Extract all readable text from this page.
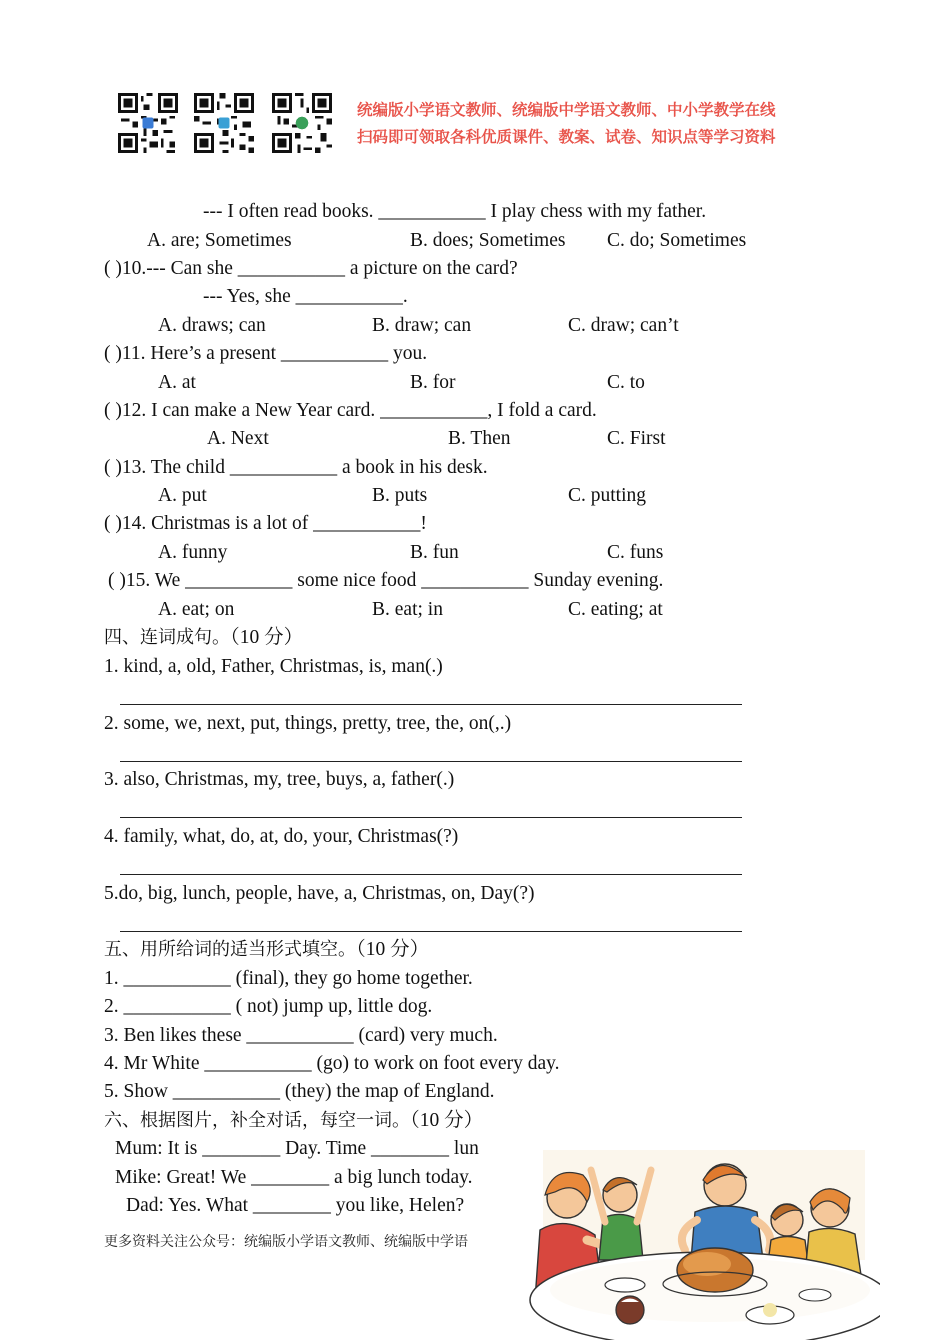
统编版小学语文教师、统编版中学语文教师、中小学教学在线
扫码即可领取各科优质课件、教案、试卷、知识点等学习资料
--- I often read books. ___________ I play chess with my father.
A. are; Sometimes	B. does; Sometimes C. do; Sometimes
( )10.--- Can she ___________ a picture on the card?
--- Yes, she ___________.
A. draws; can	B. draw; can	C. draw; can’t
( )11. Here’s a present ___________ you.
A. at	B. for	C. to
( )12. I can make a New Year card. ___________, I fold a card.
A. Next	B. Then	C. First
( )13. The child ___________ a book in his desk.
A. put	B. puts	C. putting
( )14. Christmas is a lot of ___________!
A. funny	B. fun	C. funs
( )15. We ___________ some nice food ___________ Sunday evening.
A. eat; on	B. eat; in	C. eating; at
四、连词成句。（10 分）
1. kind, a, old, Father, Christmas, is, man(.)
2. some, we, next, put, things, pretty, tree, the, on(,.)
3. also, Christmas, my, tree, buys, a, father(.)
4. family, what, do, at, do, your, Christmas(?)
5.do, big, lunch, people, have, a, Christmas, on, Day(?)
五、用所给词的适当形式填空。（10 分）
1. ___________ (final), they go home together.
2. ___________ ( not) jump up, little dog.
3. Ben likes these ___________ (card) very much.
4. Mr White ___________ (go) to work on foot every day.
5. Show ___________ (they) the map of England.
六、根据图片，补全对话，每空一词。（10 分）
Mum: It is ________ Day. Time ________ lun
Mike: Great! We ________ a big lunch today.
Dad: Yes. What ________ you like, Helen?
更多资料关注公众号：统编版小学语文教师、统编版中学语
